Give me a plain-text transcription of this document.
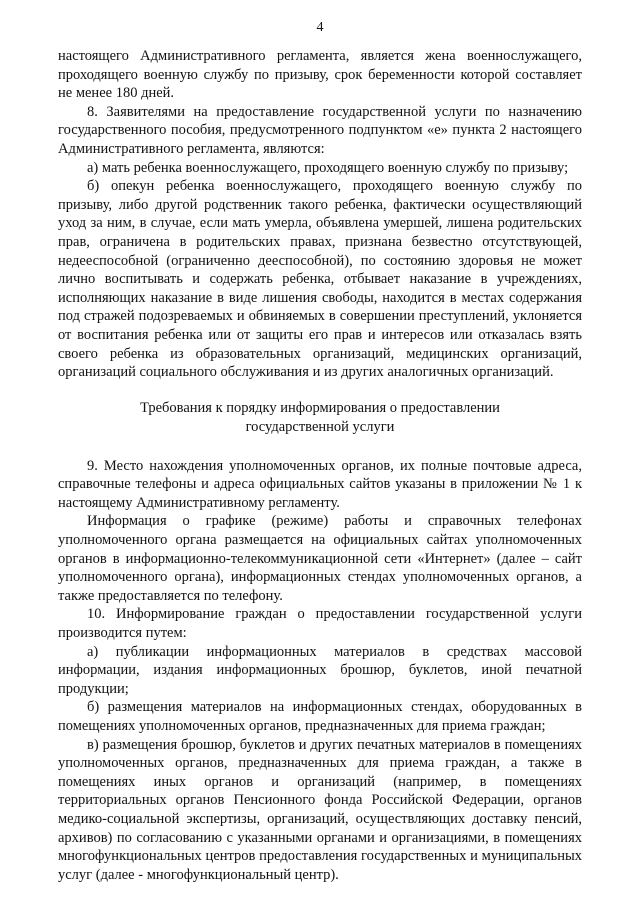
4

настоящего Административного регламента, является жена военнослужащего, проходящего военную службу по призыву, срок беременности которой составляет не менее 180 дней.

8. Заявителями на предоставление государственной услуги по назначению государственного пособия, предусмотренного подпунктом «е» пункта 2 настоящего Административного регламента, являются:

а) мать ребенка военнослужащего, проходящего военную службу по призыву;

б) опекун ребенка военнослужащего, проходящего военную службу по призыву, либо другой родственник такого ребенка, фактически осуществляющий уход за ним, в случае, если мать умерла, объявлена умершей, лишена родительских прав, ограничена в родительских правах, признана безвестно отсутствующей, недееспособной (ограниченно дееспособной), по состоянию здоровья не может лично воспитывать и содержать ребенка, отбывает наказание в учреждениях, исполняющих наказание в виде лишения свободы, находится в местах содержания под стражей подозреваемых и обвиняемых в совершении преступлений, уклоняется от воспитания ребенка или от защиты его прав и интересов или отказалась взять своего ребенка из образовательных организаций, медицинских организаций, организаций социального обслуживания и из других аналогичных организаций.

Требования к порядку информирования о предоставлении
государственной услуги

9. Место нахождения уполномоченных органов, их полные почтовые адреса, справочные телефоны и адреса официальных сайтов указаны в приложении № 1 к настоящему Административному регламенту.

Информация о графике (режиме) работы и справочных телефонах уполномоченного органа размещается на официальных сайтах уполномоченных органов в информационно-телекоммуникационной сети «Интернет» (далее – сайт уполномоченного органа), информационных стендах уполномоченных органов, а также предоставляется по телефону.

10. Информирование граждан о предоставлении государственной услуги производится путем:

а) публикации информационных материалов в средствах массовой информации, издания информационных брошюр, буклетов, иной печатной продукции;

б) размещения материалов на информационных стендах, оборудованных в помещениях уполномоченных органов, предназначенных для приема граждан;

в) размещения брошюр, буклетов и других печатных материалов в помещениях уполномоченных органов, предназначенных для приема граждан, а также в помещениях иных органов и организаций (например, в помещениях территориальных органов Пенсионного фонда Российской Федерации, органов медико-социальной экспертизы, организаций, осуществляющих доставку пенсий, архивов) по согласованию с указанными органами и организациями, в помещениях многофункциональных центров предоставления государственных и муниципальных услуг (далее - многофункциональный центр).
